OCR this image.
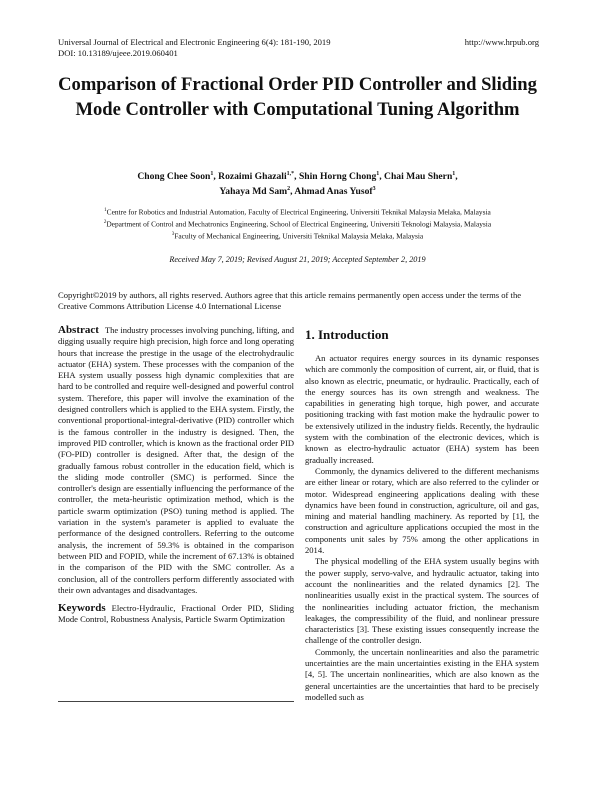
Universal Journal of Electrical and Electronic Engineering 6(4): 181-190, 2019
DOI: 10.13189/ujeee.2019.060401
http://www.hrpub.org
Comparison of Fractional Order PID Controller and Sliding Mode Controller with Computational Tuning Algorithm
Chong Chee Soon$^1$, Rozaimi Ghazali$^{1,*}$, Shin Horng Chong$^1$, Chai Mau Shern$^1$,
Yahaya Md Sam$^2$, Ahmad Anas Yusof$^3$
$^1$Centre for Robotics and Industrial Automation, Faculty of Electrical Engineering, Universiti Teknikal Malaysia Melaka, Malaysia
$^2$Department of Control and Mechatronics Engineering, School of Electrical Engineering, Universiti Teknologi Malaysia, Malaysia
$^3$Faculty of Mechanical Engineering, Universiti Teknikal Malaysia Melaka, Malaysia
Received May 7, 2019; Revised August 21, 2019; Accepted September 2, 2019
Copyright©2019 by authors, all rights reserved. Authors agree that this article remains permanently open access under the terms of the Creative Commons Attribution License 4.0 International License

Abstract The industry processes involving punching, lifting, and digging usually require high precision, high force and long operating hours that increase the prestige in the usage of the electrohydraulic actuator (EHA) system. These processes with the companion of the EHA system usually possess high dynamic complexities that are hard to be controlled and require well-designed and powerful control system. Therefore, this paper will involve the examination of the designed controllers which is applied to the EHA system. Firstly, the conventional proportional-integral-derivative (PID) controller which is the famous controller in the industry is designed. Then, the improved PID controller, which is known as the fractional order PID (FO-PID) controller is designed. After that, the design of the gradually famous robust controller in the education field, which is the sliding mode controller (SMC) is performed. Since the controller's design are essentially influencing the performance of the controller, the meta-heuristic optimization method, which is the particle swarm optimization (PSO) tuning method is applied. The variation in the system's parameter is applied to evaluate the performance of the designed controllers. Referring to the outcome analysis, the increment of 59.3% is obtained in the comparison between PID and FOPID, while the increment of 67.13% is obtained in the comparison of the PID with the SMC controller. As a conclusion, all of the controllers perform differently associated with their own advantages and disadvantages.

Keywords Electro-Hydraulic, Fractional Order PID, Sliding Mode Control, Robustness Analysis, Particle Swarm Optimization

1. Introduction

An actuator requires energy sources in its dynamic responses which are commonly the composition of current, air, or fluid, that is also known as electric, pneumatic, or hydraulic. Practically, each of the energy sources has its own strength and weakness. The capabilities in generating high torque, high power, and accurate positioning tracking with fast motion make the hydraulic power to be extensively utilized in the industry fields. Recently, the hydraulic system with the combination of the electronic devices, which is known as electro-hydraulic actuator (EHA) system has been gradually increased.

Commonly, the dynamics delivered to the different mechanisms are either linear or rotary, which are also referred to the cylinder or motor. Widespread engineering applications dealing with these dynamics have been found in construction, agriculture, oil and gas, mining and material handling machinery. As reported by [1], the construction and agriculture applications occupied the most in the components unit sales by 75% among the other applications in 2014.

The physical modelling of the EHA system usually begins with the power supply, servo-valve, and hydraulic actuator, taking into account the nonlinearities and the related dynamics [2]. The nonlinearities usually exist in the practical system. The sources of the nonlinearities including actuator friction, the mechanism leakages, the compressibility of the fluid, and nonlinear pressure characteristics [3]. These existing issues consequently increase the challenge of the controller design.

Commonly, the uncertain nonlinearities and also the parametric uncertainties are the main uncertainties existing in the EHA system [4, 5]. The uncertain nonlinearities, which are also known as the general uncertainties are the uncertainties that hard to be precisely modelled such as
